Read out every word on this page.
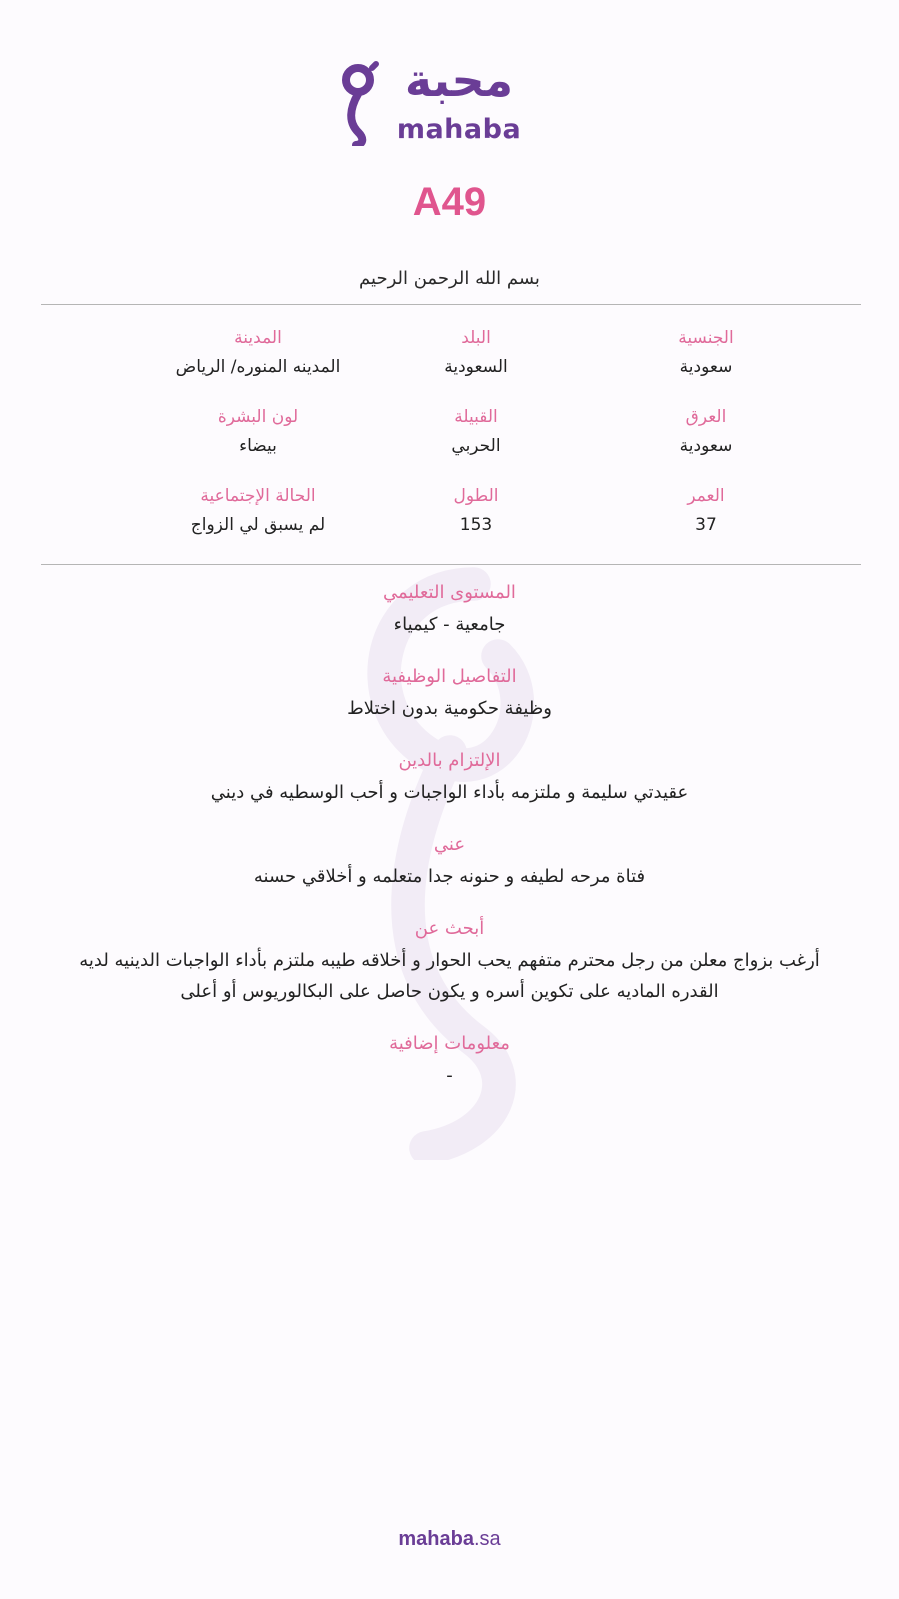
محبة
mahaba
A49
بسم الله الرحمن الرحيم
الجنسية
سعودية
البلد
السعودية
المدينة
المدينه المنوره/ الرياض
العرق
سعودية
القبيلة
الحربي
لون البشرة
بيضاء
العمر
37
الطول
153
الحالة الإجتماعية
لم يسبق لي الزواج
المستوى التعليمي
جامعية - كيمياء
التفاصيل الوظيفية
وظيفة حكومية بدون اختلاط
الإلتزام بالدين
عقيدتي سليمة و ملتزمه بأداء الواجبات و أحب الوسطيه في ديني
عني
فتاة مرحه لطيفه و حنونه جدا متعلمه و أخلاقي حسنه
أبحث عن
أرغب بزواج معلن من رجل محترم متفهم يحب الحوار و أخلاقه طيبه ملتزم بأداء الواجبات الدينيه لديه القدره الماديه على تكوين أسره و يكون حاصل على البكالوريوس أو أعلى
معلومات إضافية
-
mahaba.sa
